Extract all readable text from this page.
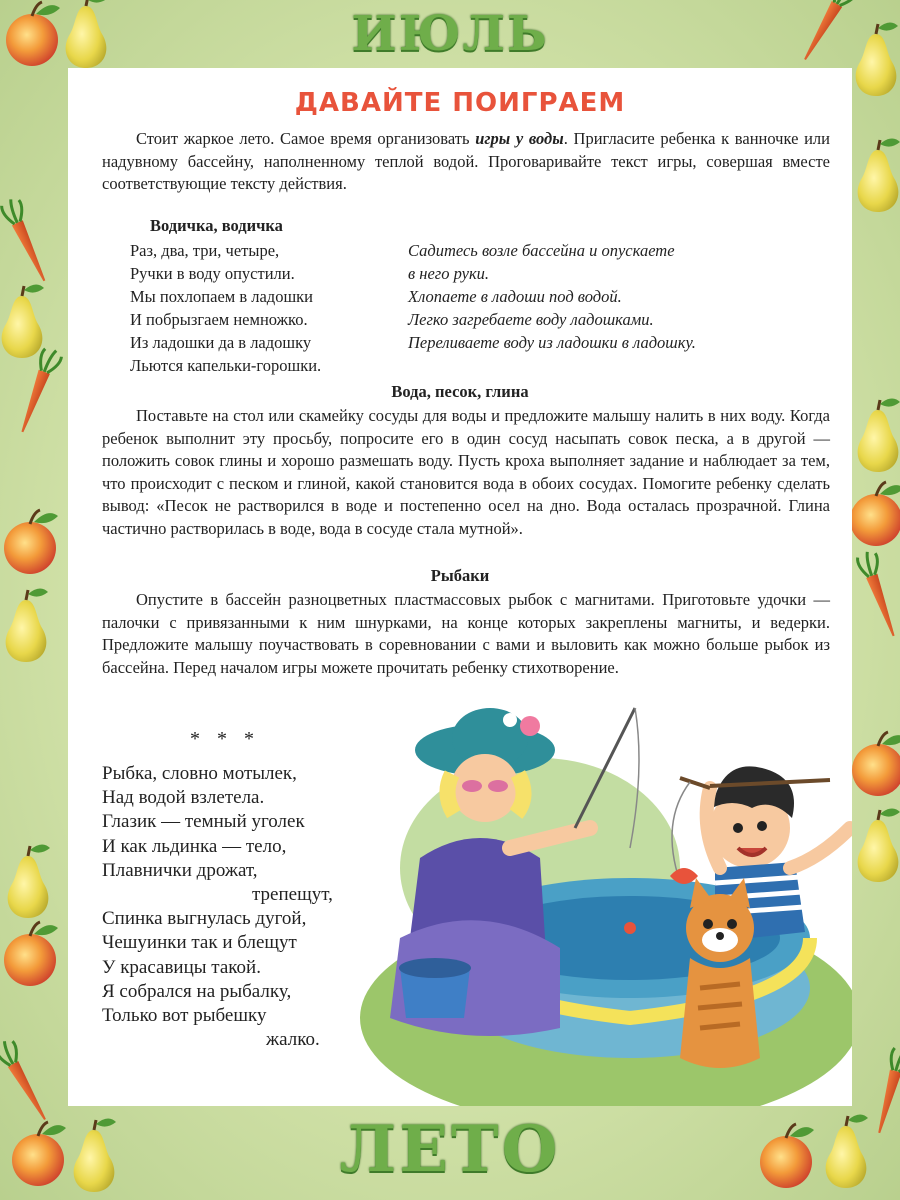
ИЮЛЬ
ДАВАЙТЕ ПОИГРАЕМ
Стоит жаркое лето. Самое время организовать игры у воды. Пригласите ребенка к ванночке или надувному бассейну, наполненному теплой водой. Проговаривайте текст игры, совершая вместе соответствующие тексту действия.
Водичка, водичка
Раз, два, три, четыре,
Ручки в воду опустили.
Мы похлопаем в ладошки
И побрызгаем немножко.
Из ладошки да в ладошку
Льются капельки-горошки.
Садитесь возле бассейна и опускаете
в него руки.
Хлопаете в ладоши под водой.
Легко загребаете воду ладошками.
Переливаете воду из ладошки в ладошку.
Вода, песок, глина
Поставьте на стол или скамейку сосуды для воды и предложите малышу налить в них воду. Когда ребенок выполнит эту просьбу, попросите его в один сосуд насыпать совок песка, а в другой — положить совок глины и хорошо размешать воду. Пусть кроха выполняет задание и наблюдает за тем, что происходит с песком и глиной, какой становится вода в обоих сосудах. Помогите ребенку сделать вывод: «Песок не растворился в воде и постепенно осел на дно. Вода осталась прозрачной. Глина частично растворилась в воде, вода в сосуде стала мутной».
Рыбаки
Опустите в бассейн разноцветных пластмассовых рыбок с магнитами. Приготовьте удочки — палочки с привязанными к ним шнурками, на конце которых закреплены магниты, и ведерки. Предложите малышу поучаствовать в соревновании с вами и выловить как можно больше рыбок из бассейна. Перед началом игры можете прочитать ребенку стихотворение.
* * *
Рыбка, словно мотылек,
Над водой взлетела.
Глазик — темный уголек
И как льдинка — тело,
Плавнички дрожат,
трепещут,
Спинка выгнулась дугой,
Чешуинки так и блещут
У красавицы такой.
Я собрался на рыбалку,
Только вот рыбешку
жалко.
ЛЕТО
